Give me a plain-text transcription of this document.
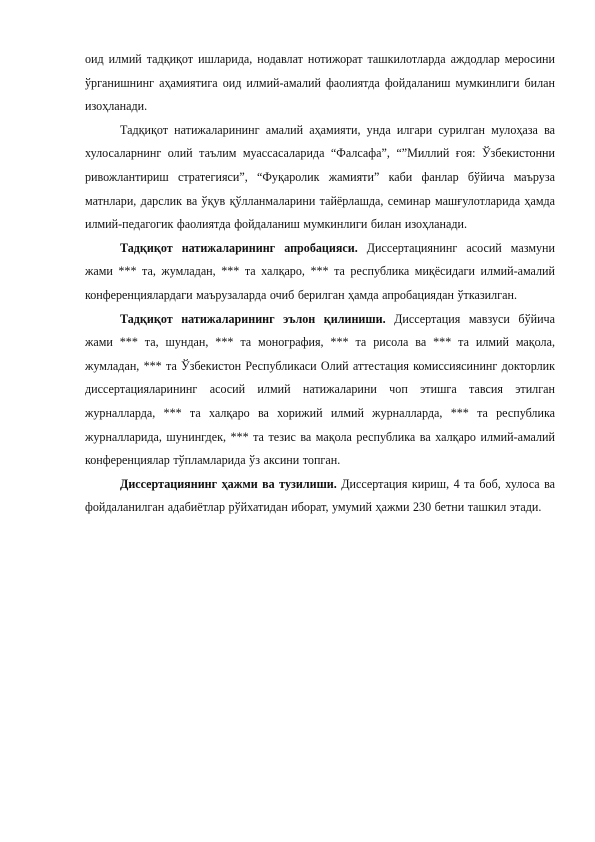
оид илмий тадқиқот ишларида, нодавлат нотижорат ташкилотларда аждодлар меросини ўрганишнинг аҳамиятига оид илмий-амалий фаолиятда фойдаланиш мумкинлиги билан изоҳланади.

Тадқиқот натижаларининг амалий аҳамияти, унда илгари сурилган мулоҳаза ва хулосаларнинг олий таълим муассасаларида “Фалсафа”, “”Миллий ғоя: Ўзбекистонни ривожлантириш стратегияси”, “Фуқаролик жамияти” каби фанлар бўйича маъруза матнлари, дарслик ва ўқув қўлланмаларини тайёрлашда, семинар машғулотларида ҳамда илмий-педагогик фаолиятда фойдаланиш мумкинлиги билан изоҳланади.

Тадқиқот натижаларининг апробацияси. Диссертациянинг асосий мазмуни жами *** та, жумладан, *** та халқаро, *** та республика миқёсидаги илмий-амалий конференциялардаги маърузаларда очиб берилган ҳамда апробациядан ўтказилган.

Тадқиқот натижаларининг эълон қилиниши. Диссертация мавзуси бўйича жами *** та, шундан, *** та монография, *** та рисола ва *** та илмий мақола, жумладан, *** та Ўзбекистон Республикаси Олий аттестация комиссиясининг докторлик диссертацияларининг асосий илмий натижаларини чоп этишга тавсия этилган журналларда, *** та халқаро ва хорижий илмий журналларда, *** та республика журналларида, шунингдек, *** та тезис ва мақола республика ва халқаро илмий-амалий конференциялар тўпламларида ўз аксини топган.

Диссертациянинг ҳажми ва тузилиши. Диссертация кириш, 4 та боб, хулоса ва фойдаланилган адабиётлар рўйхатидан иборат, умумий ҳажми 230 бетни ташкил этади.
